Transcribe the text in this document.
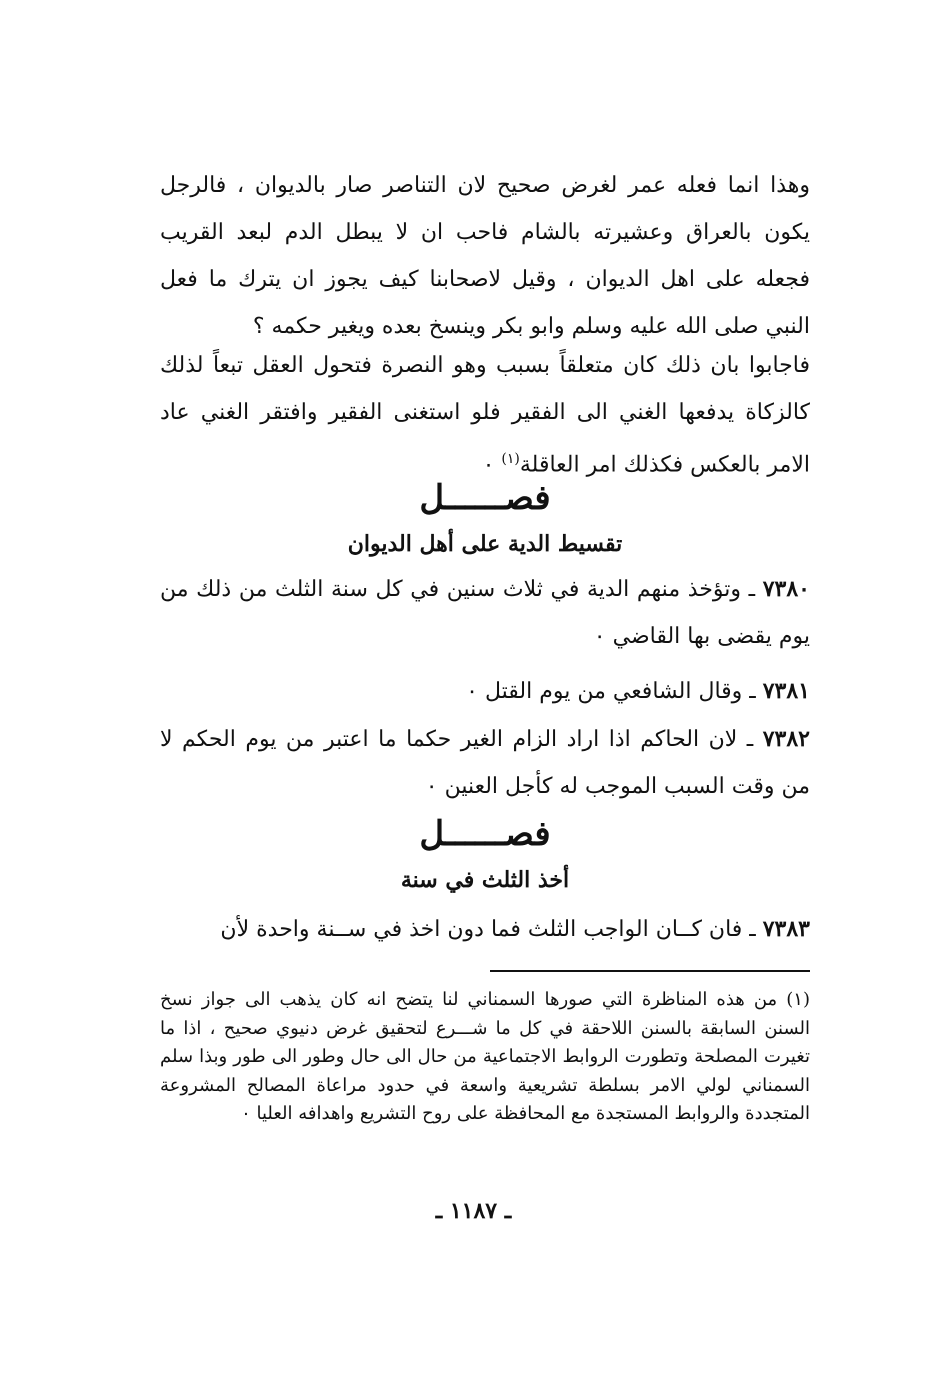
وهذا انما فعله عمر لغرض صحيح لان التناصر صار بالديوان ، فالرجل يكون بالعراق وعشيرته بالشام فاحب ان لا يبطل الدم لبعد القريب فجعله على اهل الديوان ، وقيل لاصحابنا كيف يجوز ان يترك ما فعل النبي صلى الله عليه وسلم وابو بكر وينسخ بعده ويغير حكمه ؟
فاجابوا بان ذلك كان متعلقاً بسبب وهو النصرة فتحول العقل تبعاً لذلك كالزكاة يدفعها الغني الى الفقير فلو استغنى الفقير وافتقر الغني عاد الامر بالعكس فكذلك امر العاقلة$^{(١)}$ ٠
فصــــــل
تقسيط الدية على أهل الديوان
٧٣٨٠ ـ وتؤخذ منهم الدية في ثلاث سنين في كل سنة الثلث من ذلك من يوم يقضى بها القاضي ٠
٧٣٨١ ـ وقال الشافعي من يوم القتل ٠
٧٣٨٢ ـ لان الحاكم اذا اراد الزام الغير حكما ما اعتبر من يوم الحكم لا من وقت السبب الموجب له كأجل العنين ٠
فصــــــل
أخذ الثلث في سنة
٧٣٨٣ ـ فان كــان الواجب الثلث فما دون اخذ في ســنة واحدة لأن
(١) من هذه المناظرة التي صورها السمناني لنا يتضح انه كان يذهب الى جواز نسخ السنن السابقة بالسنن اللاحقة في كل ما شـــرع لتحقيق غرض دنيوي صحيح ، اذا ما تغيرت المصلحة وتطورت الروابط الاجتماعية من حال الى حال وطور الى طور وبذا سلم السمناني لولي الامر بسلطة تشريعية واسعة في حدود مراعاة المصالح المشروعة المتجددة والروابط المستجدة مع المحافظة على روح التشريع واهدافه العليا ٠
ـ ١١٨٧ ـ
